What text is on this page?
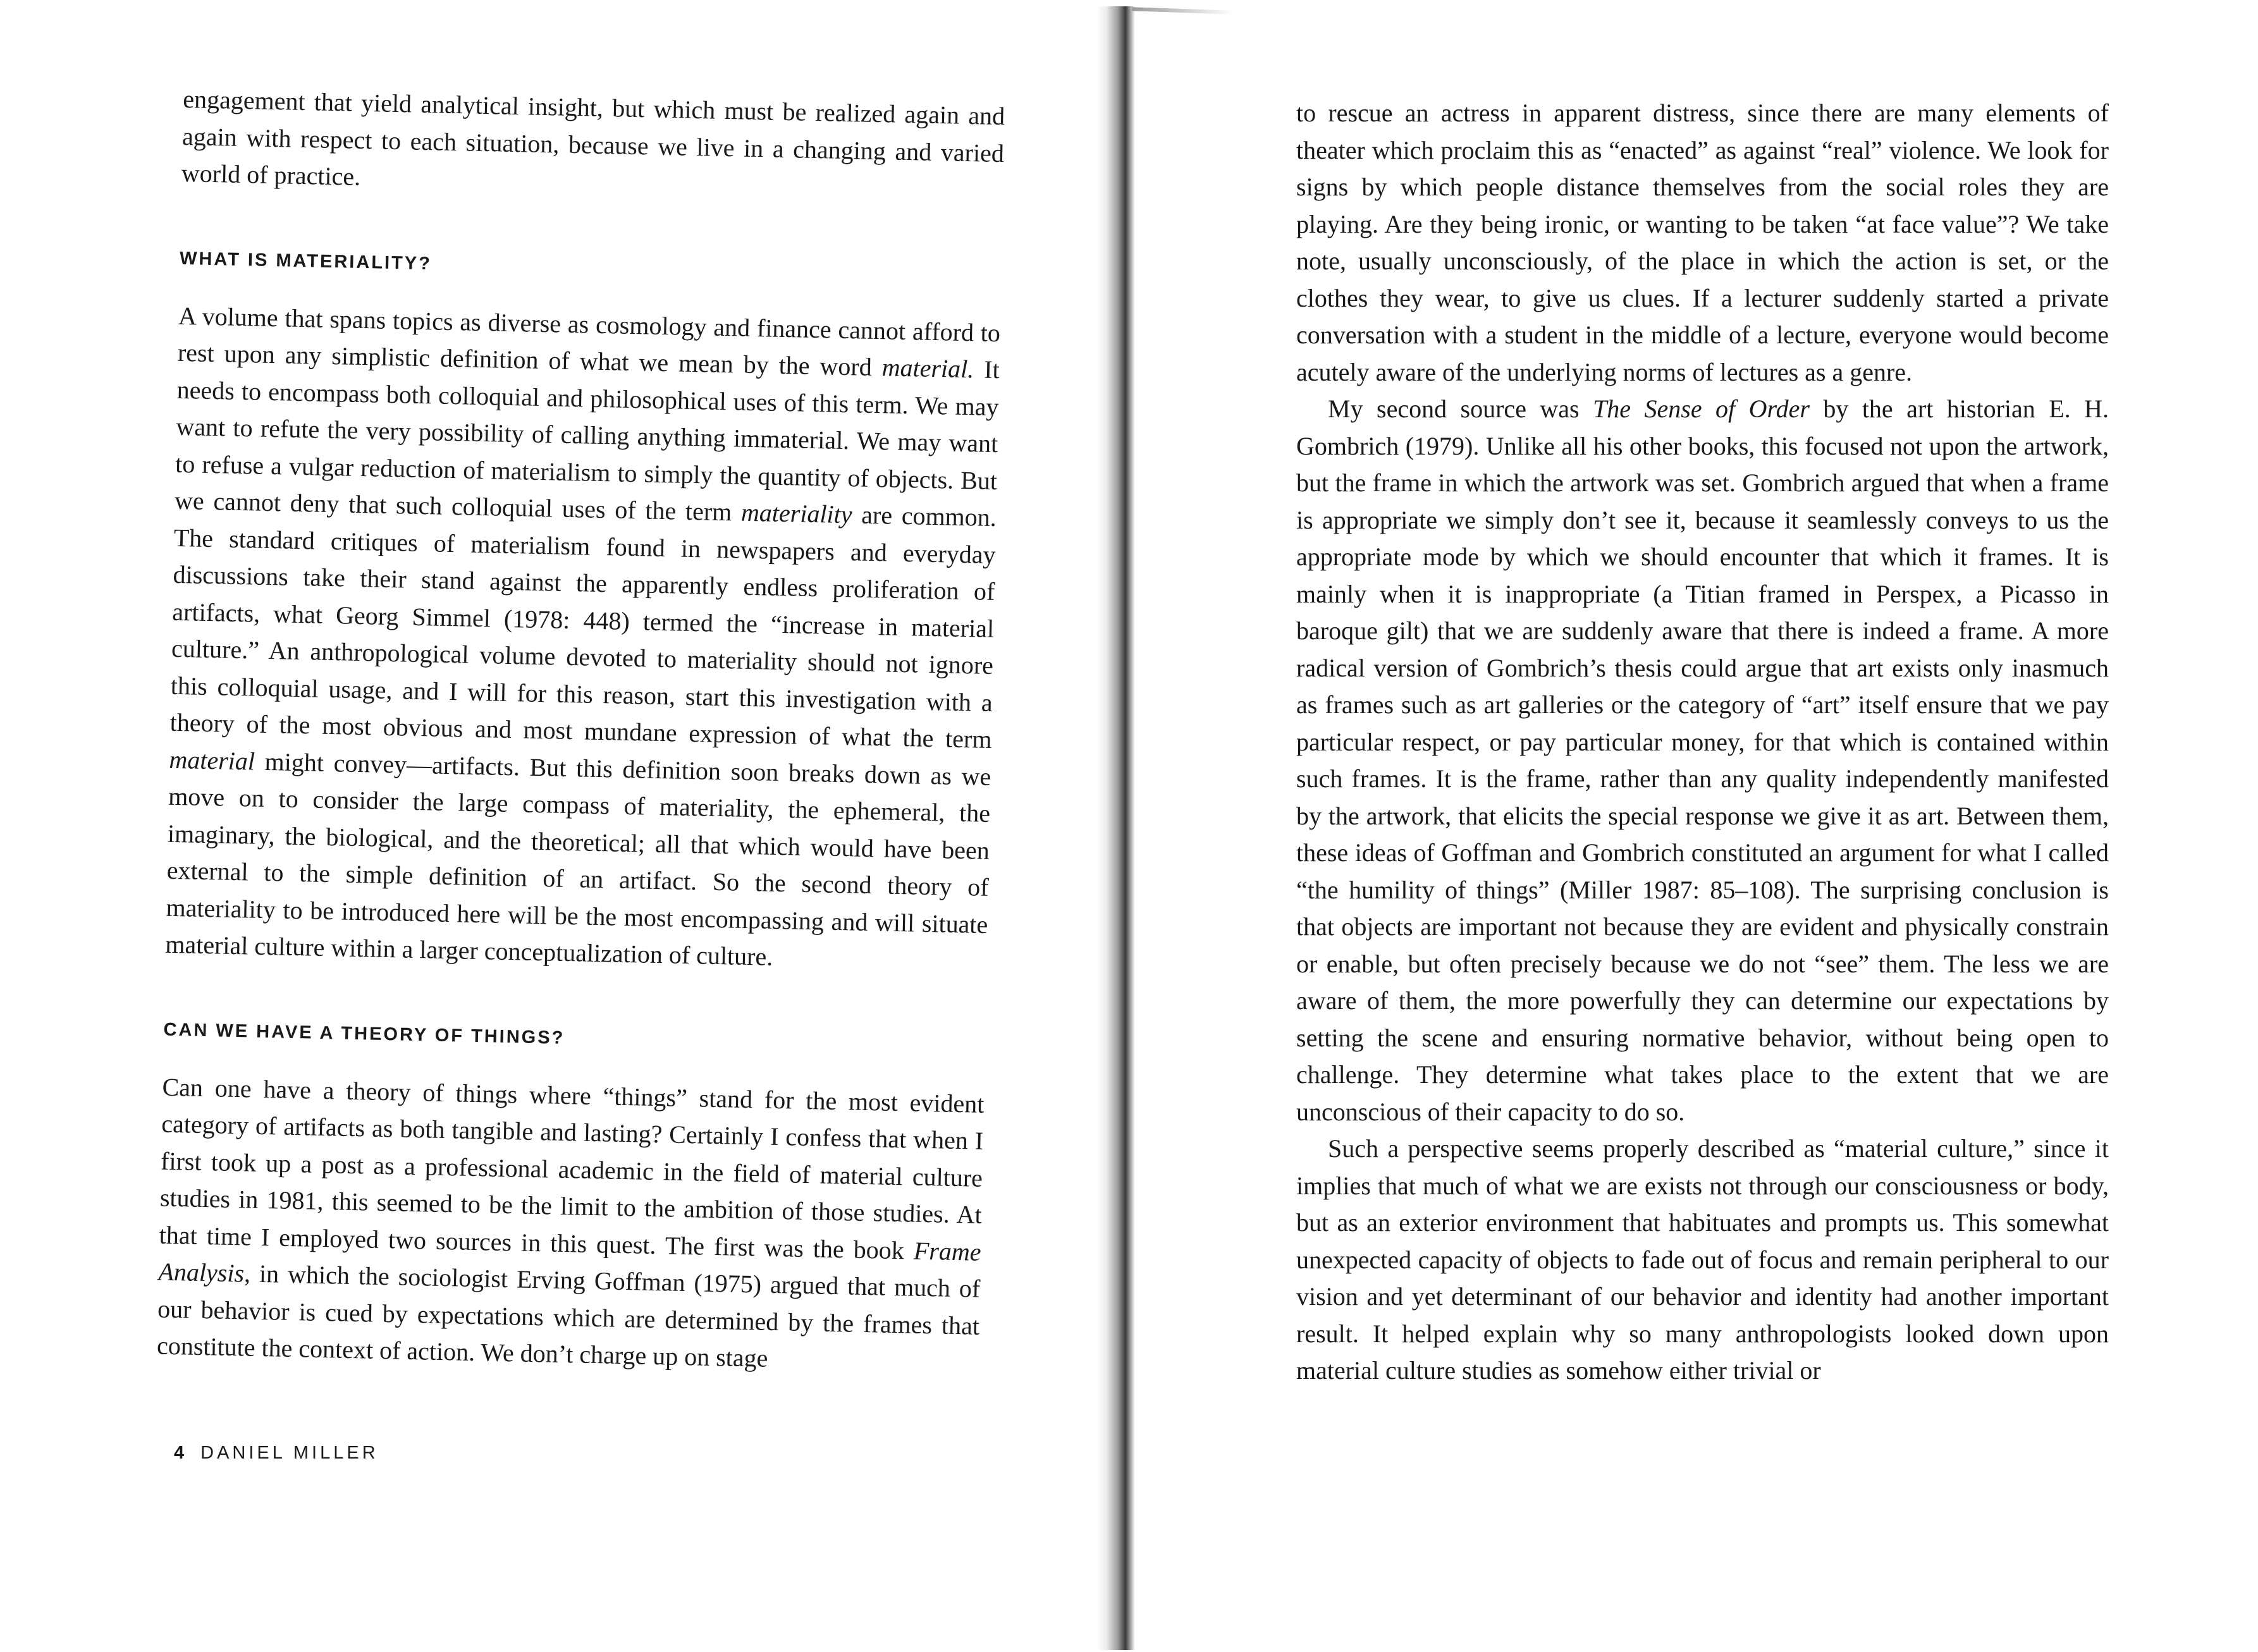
engagement that yield analytical insight, but which must be realized again and again with respect to each situation, because we live in a changing and varied world of practice.

WHAT IS MATERIALITY?

A volume that spans topics as diverse as cosmology and finance cannot afford to rest upon any simplistic definition of what we mean by the word material. It needs to encompass both colloquial and philosophical uses of this term. We may want to refute the very possibility of calling anything immaterial. We may want to refuse a vulgar reduction of materialism to simply the quantity of objects. But we cannot deny that such colloquial uses of the term materiality are common. The standard critiques of materialism found in newspapers and everyday discussions take their stand against the apparently endless proliferation of artifacts, what Georg Simmel (1978: 448) termed the “increase in material culture.” An anthropological volume devoted to materiality should not ignore this colloquial usage, and I will for this reason, start this investigation with a theory of the most obvious and most mundane expression of what the term material might convey—artifacts. But this definition soon breaks down as we move on to consider the large compass of materiality, the ephemeral, the imaginary, the biological, and the theoretical; all that which would have been external to the simple definition of an artifact. So the second theory of materiality to be introduced here will be the most encompassing and will situate material culture within a larger conceptualization of culture.

CAN WE HAVE A THEORY OF THINGS?

Can one have a theory of things where “things” stand for the most evident category of artifacts as both tangible and lasting? Certainly I confess that when I first took up a post as a professional academic in the field of material culture studies in 1981, this seemed to be the limit to the ambition of those studies. At that time I employed two sources in this quest. The first was the book Frame Analysis, in which the sociologist Erving Goffman (1975) argued that much of our behavior is cued by expectations which are determined by the frames that constitute the context of action. We don’t charge up on stage

4 DANIEL MILLER

to rescue an actress in apparent distress, since there are many elements of theater which proclaim this as “enacted” as against “real” violence. We look for signs by which people distance themselves from the social roles they are playing. Are they being ironic, or wanting to be taken “at face value”? We take note, usually unconsciously, of the place in which the action is set, or the clothes they wear, to give us clues. If a lecturer suddenly started a private conversation with a student in the middle of a lecture, everyone would become acutely aware of the underlying norms of lectures as a genre.

My second source was The Sense of Order by the art historian E. H. Gombrich (1979). Unlike all his other books, this focused not upon the artwork, but the frame in which the artwork was set. Gombrich argued that when a frame is appropriate we simply don’t see it, because it seamlessly conveys to us the appropriate mode by which we should encounter that which it frames. It is mainly when it is inappropriate (a Titian framed in Perspex, a Picasso in baroque gilt) that we are suddenly aware that there is indeed a frame. A more radical version of Gombrich’s thesis could argue that art exists only inasmuch as frames such as art galleries or the category of “art” itself ensure that we pay particular respect, or pay particular money, for that which is contained within such frames. It is the frame, rather than any quality independently manifested by the artwork, that elicits the special response we give it as art. Between them, these ideas of Goffman and Gombrich constituted an argument for what I called “the humility of things” (Miller 1987: 85–108). The surprising conclusion is that objects are important not because they are evident and physically constrain or enable, but often precisely because we do not “see” them. The less we are aware of them, the more powerfully they can determine our expectations by setting the scene and ensuring normative behavior, without being open to challenge. They determine what takes place to the extent that we are unconscious of their capacity to do so.

Such a perspective seems properly described as “material culture,” since it implies that much of what we are exists not through our consciousness or body, but as an exterior environment that habituates and prompts us. This somewhat unexpected capacity of objects to fade out of focus and remain peripheral to our vision and yet determinant of our behavior and identity had another important result. It helped explain why so many anthropologists looked down upon material culture studies as somehow either trivial or
